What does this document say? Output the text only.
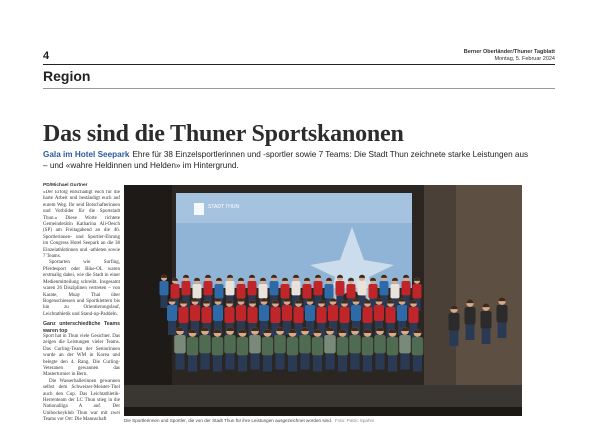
4	Berner Oberländer/Thuner Tagblatt
Montag, 5. Februar 2024
Region
Das sind die Thuner Sportskanonen
Gala im Hotel Seepark Ehre für 38 Einzelsportlerinnen und -sportler sowie 7 Teams: Die Stadt Thun zeichnete starke Leistungen aus – und «wahre Heldinnen und Helden» im Hintergrund.
PD/Michael Gurtner

«Der Erfolg entschädigt euch für die harte Arbeit und beständigt euch auf eurem Weg. Ihr seid Botschafterinnen und Vorbilder für die Sportstadt Thun.» Diese Worte richtete Gemeinderätin Katharina Ali-Oesch (SP) am Freitagabend an die 46. Sportlerinnen- und Sportler-Ehrung im Congress Hotel Seepark an die 38 Einzelathletinnen und -athleten sowie 7 Teams.

Sportarten wie Surfing, Pferdesport oder Bike-OL waren erstmalig dabei, wie die Stadt in einer Medienmitteilung schreibt. Insgesamt waren 26 Disziplinen vertreten – von Karate, Muay Thai über Bogenschiessen und Sportklettern bis hin zu Orientierungslauf, Leichtathletik und Stand-up-Paddeln.

Ganz unterschiedliche Teams waren top

Sport hat in Thun viele Gesichter. Das zeigen die Leistungen vieler Teams. Das Curling-Team der Seniorinnen wurde an der WM in Korea und belegte den 4. Rang. Die Curling-Veteranen gewannen das Masterturnier in Bern.

Die Wasserballerinnen gewannen selbst dem Schweizer-Meister-Titel auch den Cup. Das Leichtathletik-Herrenteam der LC Thun stieg in die Nationalliga A auf. Der Unihockeyklub Thun war mit zwei Teams vor Ort: Die Mannschaft

STADT THUN
Die Sportlerinnen und Sportler, die von der Stadt Thun für ihre Leistungen ausgezeichnet worden sind. Foto: Patric Spahni
